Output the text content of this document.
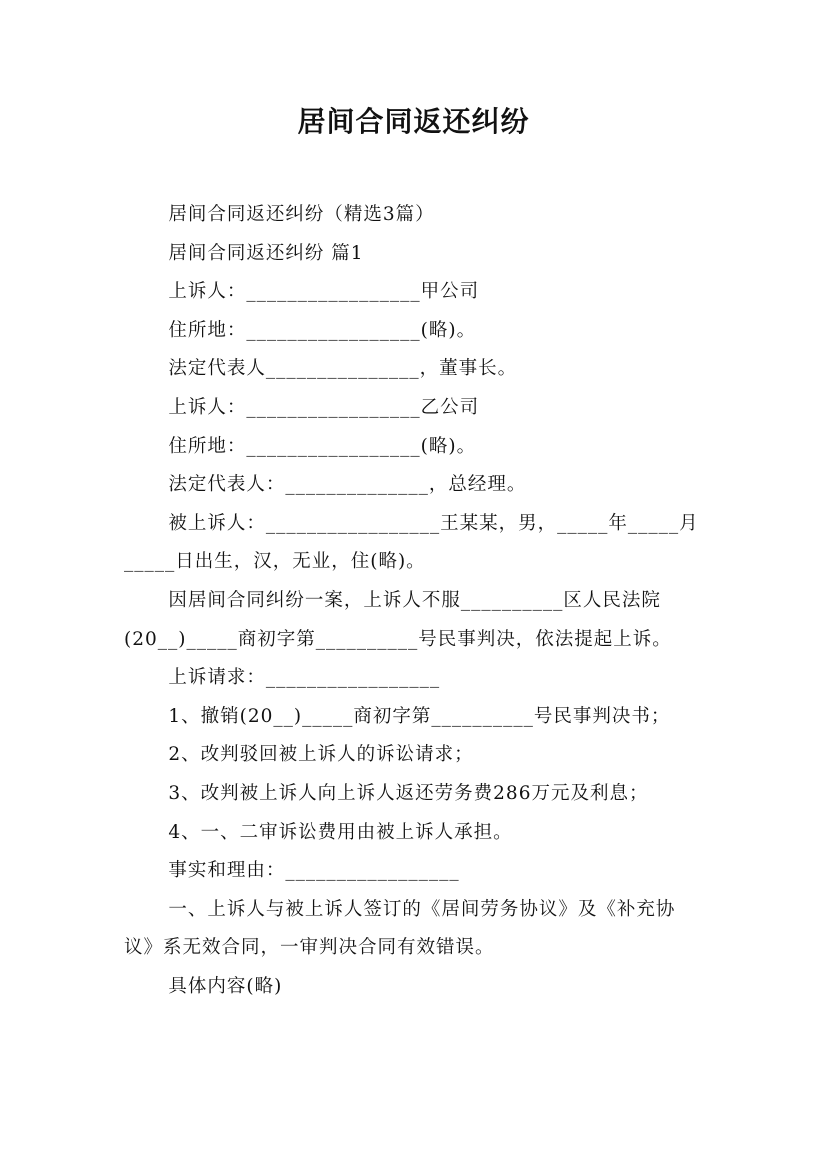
居间合同返还纠纷

居间合同返还纠纷（精选3篇）

居间合同返还纠纷 篇1

上诉人：_________________甲公司

住所地：_________________(略)。

法定代表人_______________，董事长。

上诉人：_________________乙公司

住所地：_________________(略)。

法定代表人：______________，总经理。

被上诉人：_________________王某某，男，_____年_____月_____日出生，汉，无业，住(略)。

因居间合同纠纷一案，上诉人不服__________区人民法院(20__)_____商初字第__________号民事判决，依法提起上诉。

上诉请求：_________________

1、撤销(20__)_____商初字第__________号民事判决书；

2、改判驳回被上诉人的诉讼请求；

3、改判被上诉人向上诉人返还劳务费286万元及利息；

4、一、二审诉讼费用由被上诉人承担。

事实和理由：_________________

一、上诉人与被上诉人签订的《居间劳务协议》及《补充协议》系无效合同，一审判决合同有效错误。

具体内容(略)
